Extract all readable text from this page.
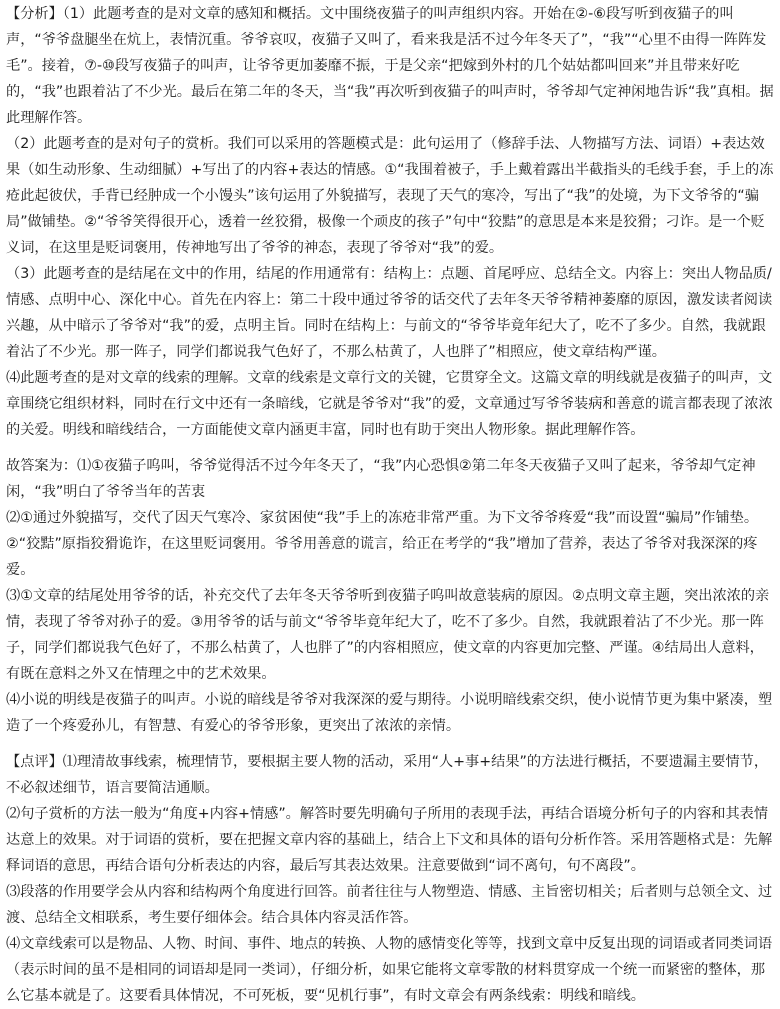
【分析】（1）此题考查的是对文章的感知和概括。文中围绕夜猫子的叫声组织内容。开始在②-⑥段写听到夜猫子的叫声，“爷爷盘腿坐在炕上，表情沉重。爷爷哀叹，夜猫子又叫了，看来我是活不过今年冬天了”，“我”“心里不由得一阵阵发毛”。接着，⑦-⑩段写夜猫子的叫声，让爷爷更加萎靡不振，于是父亲“把嫁到外村的几个姑姑都叫回来”并且带来好吃的，“我”也跟着沾了不少光。最后在第二年的冬天，当“我”再次听到夜猫子的叫声时，爷爷却气定神闲地告诉“我”真相。据此理解作答。

（2）此题考查的是对句子的赏析。我们可以采用的答题模式是：此句运用了（修辞手法、人物描写方法、词语）+表达效果（如生动形象、生动细腻）+写出了的内容+表达的情感。①“我围着被子，手上戴着露出半截指头的毛线手套，手上的冻疮此起彼伏，手背已经肿成一个小馒头”该句运用了外貌描写，表现了天气的寒冷，写出了“我”的处境，为下文爷爷的“骗局”做铺垫。②“爷爷笑得很开心，透着一丝狡猾，极像一个顽皮的孩子”句中“狡黠”的意思是本来是狡猾；刁诈。是一个贬义词，在这里是贬词褒用，传神地写出了爷爷的神态，表现了爷爷对“我”的爱。

（3）此题考查的是结尾在文中的作用，结尾的作用通常有：结构上：点题、首尾呼应、总结全文。内容上：突出人物品质/情感、点明中心、深化中心。首先在内容上：第二十段中通过爷爷的话交代了去年冬天爷爷精神萎靡的原因，激发读者阅读兴趣，从中暗示了爷爷对“我”的爱，点明主旨。同时在结构上：与前文的“爷爷毕竟年纪大了，吃不了多少。自然，我就跟着沾了不少光。那一阵子，同学们都说我气色好了，不那么枯黄了，人也胖了”相照应，使文章结构严谨。

⑷此题考查的是对文章的线索的理解。文章的线索是文章行文的关键，它贯穿全文。这篇文章的明线就是夜猫子的叫声，文章围绕它组织材料，同时在行文中还有一条暗线，它就是爷爷对“我”的爱，文章通过写爷爷装病和善意的谎言都表现了浓浓的关爱。明线和暗线结合，一方面能使文章内涵更丰富，同时也有助于突出人物形象。据此理解作答。

故答案为：⑴①夜猫子呜叫，爷爷觉得活不过今年冬天了，“我”内心恐惧②第二年冬天夜猫子又叫了起来，爷爷却气定神闲，“我”明白了爷爷当年的苦衷

⑵①通过外貌描写，交代了因天气寒冷、家贫困使“我”手上的冻疮非常严重。为下文爷爷疼爱“我”而设置“骗局”作铺垫。

②“狡黠”原指狡猾诡诈，在这里贬词褒用。爷爷用善意的谎言，给正在考学的“我”增加了营养，表达了爷爷对我深深的疼爱。

⑶①文章的结尾处用爷爷的话，补充交代了去年冬天爷爷听到夜猫子呜叫故意装病的原因。②点明文章主题，突出浓浓的亲情，表现了爷爷对孙子的爱。③用爷爷的话与前文“爷爷毕竟年纪大了，吃不了多少。自然，我就跟着沾了不少光。那一阵子，同学们都说我气色好了，不那么枯黄了，人也胖了”的内容相照应，使文章的内容更加完整、严谨。④结局出人意料，有既在意料之外又在情理之中的艺术效果。

⑷小说的明线是夜猫子的叫声。小说的暗线是爷爷对我深深的爱与期待。小说明暗线索交织，使小说情节更为集中紧凑，塑造了一个疼爱孙儿，有智慧、有爱心的爷爷形象，更突出了浓浓的亲情。

【点评】⑴理清故事线索，梳理情节，要根据主要人物的活动，采用“人+事+结果”的方法进行概括，不要遗漏主要情节，不必叙述细节，语言要简洁通顺。

⑵句子赏析的方法一般为“角度+内容+情感”。解答时要先明确句子所用的表现手法，再结合语境分析句子的内容和其表情达意上的效果。对于词语的赏析，要在把握文章内容的基础上，结合上下文和具体的语句分析作答。采用答题格式是：先解释词语的意思，再结合语句分析表达的内容，最后写其表达效果。注意要做到“词不离句，句不离段”。

⑶段落的作用要学会从内容和结构两个角度进行回答。前者往往与人物塑造、情感、主旨密切相关；后者则与总领全文、过渡、总结全文相联系，考生要仔细体会。结合具体内容灵活作答。

⑷文章线索可以是物品、人物、时间、事件、地点的转换、人物的感情变化等等，找到文章中反复出现的词语或者同类词语（表示时间的虽不是相同的词语却是同一类词），仔细分析，如果它能将文章零散的材料贯穿成一个统一而紧密的整体，那么它基本就是了。这要看具体情况，不可死板，要“见机行事”，有时文章会有两条线索：明线和暗线。
